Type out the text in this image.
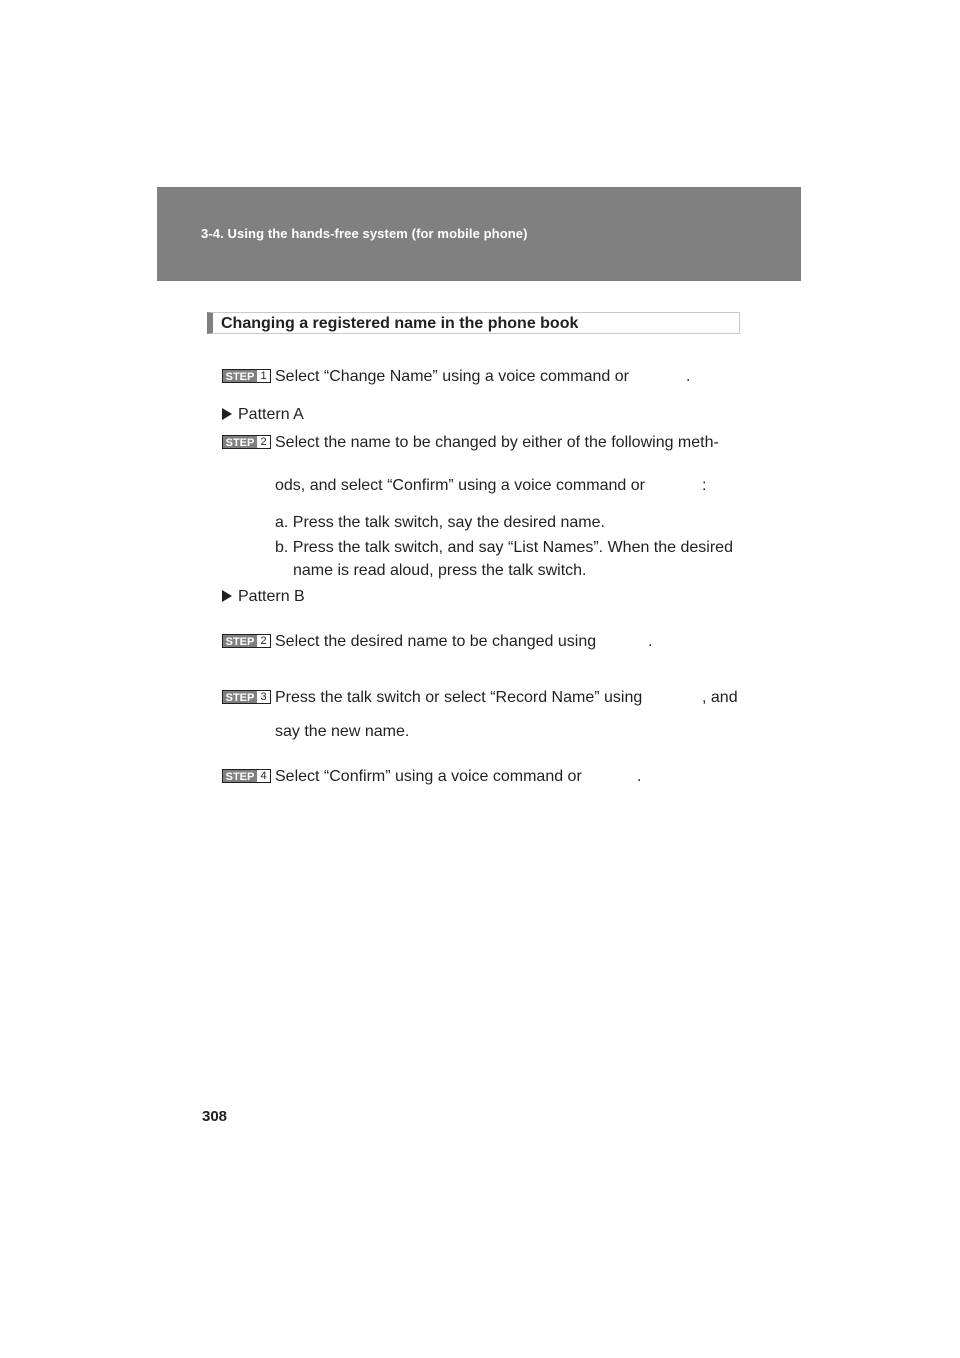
3-4. Using the hands-free system (for mobile phone)
Changing a registered name in the phone book
STEP 1 Select “Change Name” using a voice command or	.
Pattern A
STEP 2 Select the name to be changed by either of the following meth-
ods, and select “Confirm” using a voice command or	:
a. Press the talk switch, say the desired name.
b. Press the talk switch, and say “List Names”. When the desired
name is read aloud, press the talk switch.
Pattern B
STEP 2 Select the desired name to be changed using	.
STEP 3 Press the talk switch or select “Record Name” using	, and
say the new name.
STEP 4 Select “Confirm” using a voice command or	.
308
